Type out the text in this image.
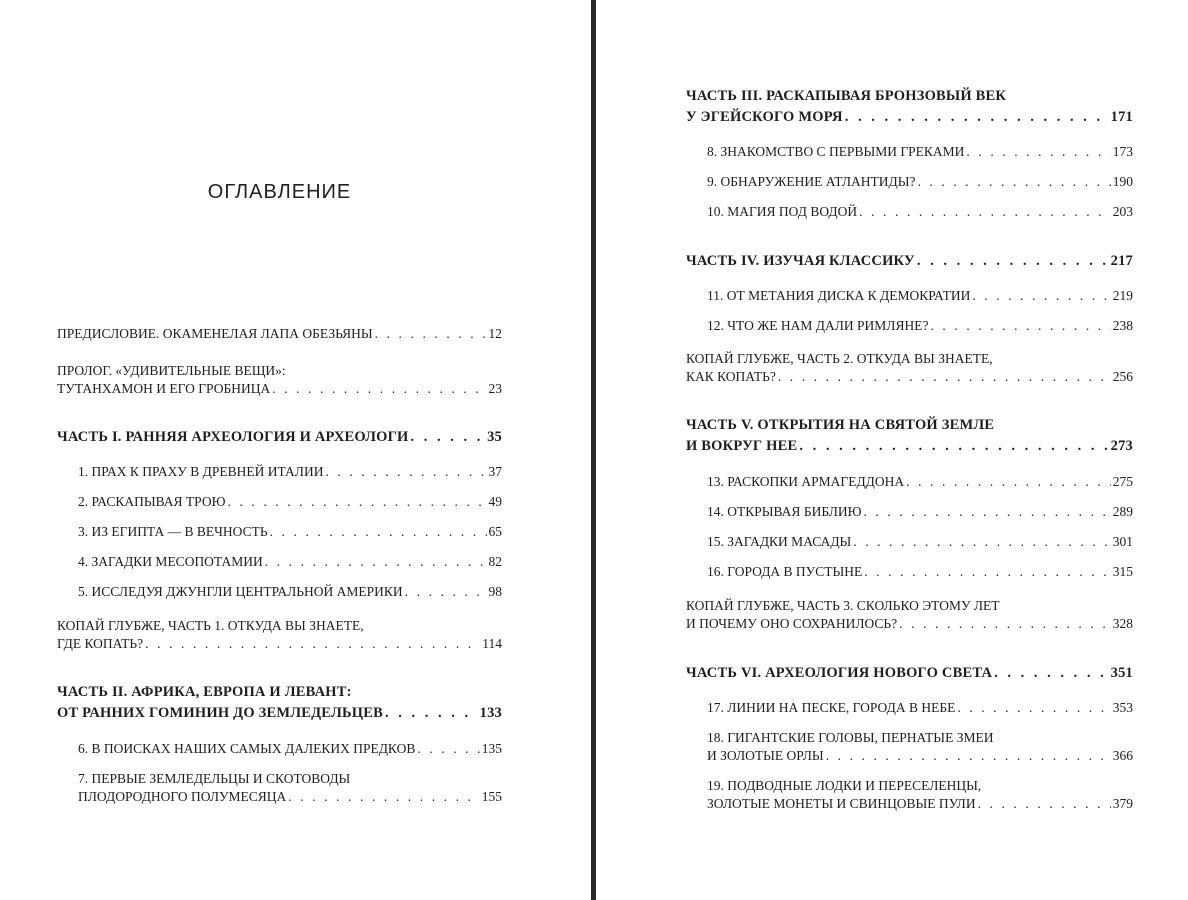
ОГЛАВЛЕНИЕ
ПРЕДИСЛОВИЕ. ОКАМЕНЕЛАЯ ЛАПА ОБЕЗЬЯНЫ . . .	12
ПРОЛОГ. «УДИВИТЕЛЬНЫЕ ВЕЩИ»:
ТУТАНХАМОН И ЕГО ГРОБНИЦА . . .	23
ЧАСТЬ I. РАННЯЯ АРХЕОЛОГИЯ И АРХЕОЛОГИ . . .	35
1. ПРАХ К ПРАХУ В ДРЕВНЕЙ ИТАЛИИ . . .	37
2. РАСКАПЫВАЯ ТРОЮ . . .	49
3. ИЗ ЕГИПТА — В ВЕЧНОСТЬ . . .	65
4. ЗАГАДКИ МЕСОПОТАМИИ . . .	82
5. ИССЛЕДУЯ ДЖУНГЛИ ЦЕНТРАЛЬНОЙ АМЕРИКИ . . .	98
КОПАЙ ГЛУБЖЕ, ЧАСТЬ 1. ОТКУДА ВЫ ЗНАЕТЕ,
ГДЕ КОПАТЬ? . . .	114
ЧАСТЬ II. АФРИКА, ЕВРОПА И ЛЕВАНТ:
ОТ РАННИХ ГОМИНИН ДО ЗЕМЛЕДЕЛЬЦЕВ . . .	133
6. В ПОИСКАХ НАШИХ САМЫХ ДАЛЕКИХ ПРЕДКОВ . . .	135
7. ПЕРВЫЕ ЗЕМЛЕДЕЛЬЦЫ И СКОТОВОДЫ
ПЛОДОРОДНОГО ПОЛУМЕСЯЦА . . .	155
ЧАСТЬ III. РАСКАПЫВАЯ БРОНЗОВЫЙ ВЕК
У ЭГЕЙСКОГО МОРЯ . . .	171
8. ЗНАКОМСТВО С ПЕРВЫМИ ГРЕКАМИ . . .	173
9. ОБНАРУЖЕНИЕ АТЛАНТИДЫ? . . .	190
10. МАГИЯ ПОД ВОДОЙ . . .	203
ЧАСТЬ IV. ИЗУЧАЯ КЛАССИКУ . . .	217
11. ОТ МЕТАНИЯ ДИСКА К ДЕМОКРАТИИ . . .	219
12. ЧТО ЖЕ НАМ ДАЛИ РИМЛЯНЕ? . . .	238
КОПАЙ ГЛУБЖЕ, ЧАСТЬ 2. ОТКУДА ВЫ ЗНАЕТЕ,
КАК КОПАТЬ? . . .	256
ЧАСТЬ V. ОТКРЫТИЯ НА СВЯТОЙ ЗЕМЛЕ
И ВОКРУГ НЕЕ . . .	273
13. РАСКОПКИ АРМАГЕДДОНА . . .	275
14. ОТКРЫВАЯ БИБЛИЮ . . .	289
15. ЗАГАДКИ МАСАДЫ . . .	301
16. ГОРОДА В ПУСТЫНЕ . . .	315
КОПАЙ ГЛУБЖЕ, ЧАСТЬ 3. СКОЛЬКО ЭТОМУ ЛЕТ
И ПОЧЕМУ ОНО СОХРАНИЛОСЬ? . . .	328
ЧАСТЬ VI. АРХЕОЛОГИЯ НОВОГО СВЕТА . . .	351
17. ЛИНИИ НА ПЕСКЕ, ГОРОДА В НЕБЕ . . .	353
18. ГИГАНТСКИЕ ГОЛОВЫ, ПЕРНАТЫЕ ЗМЕИ
И ЗОЛОТЫЕ ОРЛЫ . . .	366
19. ПОДВОДНЫЕ ЛОДКИ И ПЕРЕСЕЛЕНЦЫ,
ЗОЛОТЫЕ МОНЕТЫ И СВИНЦОВЫЕ ПУЛИ . . .	379
